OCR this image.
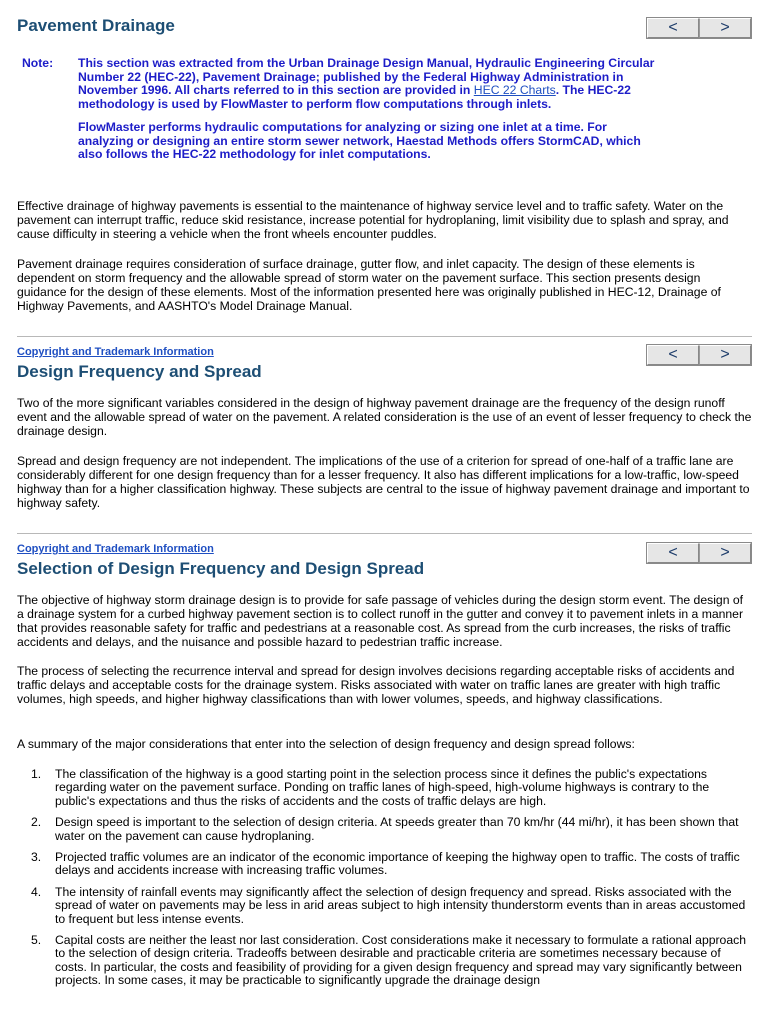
Pavement Drainage	<	>
Note:	This section was extracted from the Urban Drainage Design Manual, Hydraulic Engineering Circular Number 22 (HEC-22), Pavement Drainage; published by the Federal Highway Administration in November 1996. All charts referred to in this section are provided in HEC 22 Charts. The HEC-22 methodology is used by FlowMaster to perform flow computations through inlets.

FlowMaster performs hydraulic computations for analyzing or sizing one inlet at a time. For analyzing or designing an entire storm sewer network, Haestad Methods offers StormCAD, which also follows the HEC-22 methodology for inlet computations.

Effective drainage of highway pavements is essential to the maintenance of highway service level and to traffic safety. Water on the pavement can interrupt traffic, reduce skid resistance, increase potential for hydroplaning, limit visibility due to splash and spray, and cause difficulty in steering a vehicle when the front wheels encounter puddles.

Pavement drainage requires consideration of surface drainage, gutter flow, and inlet capacity. The design of these elements is dependent on storm frequency and the allowable spread of storm water on the pavement surface. This section presents design guidance for the design of these elements. Most of the information presented here was originally published in HEC-12, Drainage of Highway Pavements, and AASHTO's Model Drainage Manual.

Copyright and Trademark Information
Design Frequency and Spread
<	>

Two of the more significant variables considered in the design of highway pavement drainage are the frequency of the design runoff event and the allowable spread of water on the pavement. A related consideration is the use of an event of lesser frequency to check the drainage design.

Spread and design frequency are not independent. The implications of the use of a criterion for spread of one-half of a traffic lane are considerably different for one design frequency than for a lesser frequency. It also has different implications for a low-traffic, low-speed highway than for a higher classification highway. These subjects are central to the issue of highway pavement drainage and important to highway safety.

Copyright and Trademark Information
Selection of Design Frequency and Design Spread
<	>

The objective of highway storm drainage design is to provide for safe passage of vehicles during the design storm event. The design of a drainage system for a curbed highway pavement section is to collect runoff in the gutter and convey it to pavement inlets in a manner that provides reasonable safety for traffic and pedestrians at a reasonable cost. As spread from the curb increases, the risks of traffic accidents and delays, and the nuisance and possible hazard to pedestrian traffic increase.

The process of selecting the recurrence interval and spread for design involves decisions regarding acceptable risks of accidents and traffic delays and acceptable costs for the drainage system. Risks associated with water on traffic lanes are greater with high traffic volumes, high speeds, and higher highway classifications than with lower volumes, speeds, and highway classifications.

A summary of the major considerations that enter into the selection of design frequency and design spread follows:

1. The classification of the highway is a good starting point in the selection process since it defines the public's expectations regarding water on the pavement surface. Ponding on traffic lanes of high-speed, high-volume highways is contrary to the public's expectations and thus the risks of accidents and the costs of traffic delays are high.
2. Design speed is important to the selection of design criteria. At speeds greater than 70 km/hr (44 mi/hr), it has been shown that water on the pavement can cause hydroplaning.
3. Projected traffic volumes are an indicator of the economic importance of keeping the highway open to traffic. The costs of traffic delays and accidents increase with increasing traffic volumes.
4. The intensity of rainfall events may significantly affect the selection of design frequency and spread. Risks associated with the spread of water on pavements may be less in arid areas subject to high intensity thunderstorm events than in areas accustomed to frequent but less intense events.
5. Capital costs are neither the least nor last consideration. Cost considerations make it necessary to formulate a rational approach to the selection of design criteria. Tradeoffs between desirable and practicable criteria are sometimes necessary because of costs. In particular, the costs and feasibility of providing for a given design frequency and spread may vary significantly between projects. In some cases, it may be practicable to significantly upgrade the drainage design
